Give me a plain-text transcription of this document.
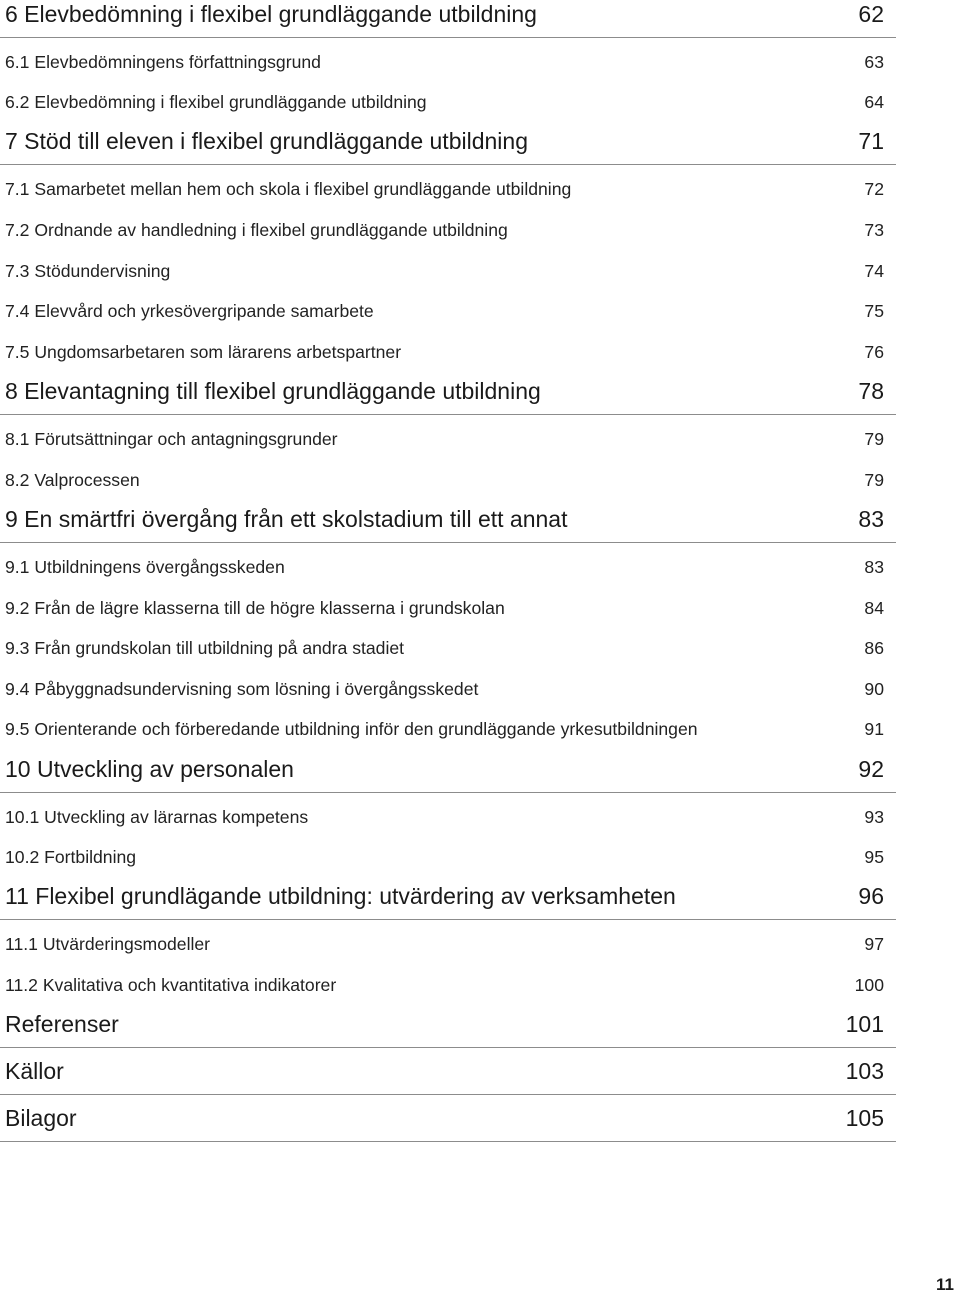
6 Elevbedömning i flexibel grundläggande utbildning	62
6.1 Elevbedömningens författningsgrund	63
6.2 Elevbedömning i flexibel grundläggande utbildning	64
7 Stöd till eleven i flexibel grundläggande utbildning	71
7.1 Samarbetet mellan hem och skola i flexibel grundläggande utbildning	72
7.2 Ordnande av handledning i flexibel grundläggande utbildning	73
7.3 Stödundervisning	74
7.4 Elevvård och yrkesövergripande samarbete	75
7.5 Ungdomsarbetaren som lärarens arbetspartner	76
8 Elevantagning till flexibel grundläggande utbildning	78
8.1 Förutsättningar och antagningsgrunder	79
8.2 Valprocessen	79
9 En smärtfri övergång från ett skolstadium till ett annat	83
9.1 Utbildningens övergångsskeden	83
9.2 Från de lägre klasserna till de högre klasserna i grundskolan	84
9.3 Från grundskolan till utbildning på andra stadiet	86
9.4 Påbyggnadsundervisning som lösning i övergångsskedet	90
9.5 Orienterande och förberedande utbildning inför den grundläggande yrkesutbildningen	91
10 Utveckling av personalen	92
10.1 Utveckling av lärarnas kompetens	93
10.2 Fortbildning	95
11 Flexibel grundlägande utbildning: utvärdering av verksamheten	96
11.1 Utvärderingsmodeller	97
11.2 Kvalitativa och kvantitativa indikatorer	100
Referenser	101
Källor	103
Bilagor	105
11
